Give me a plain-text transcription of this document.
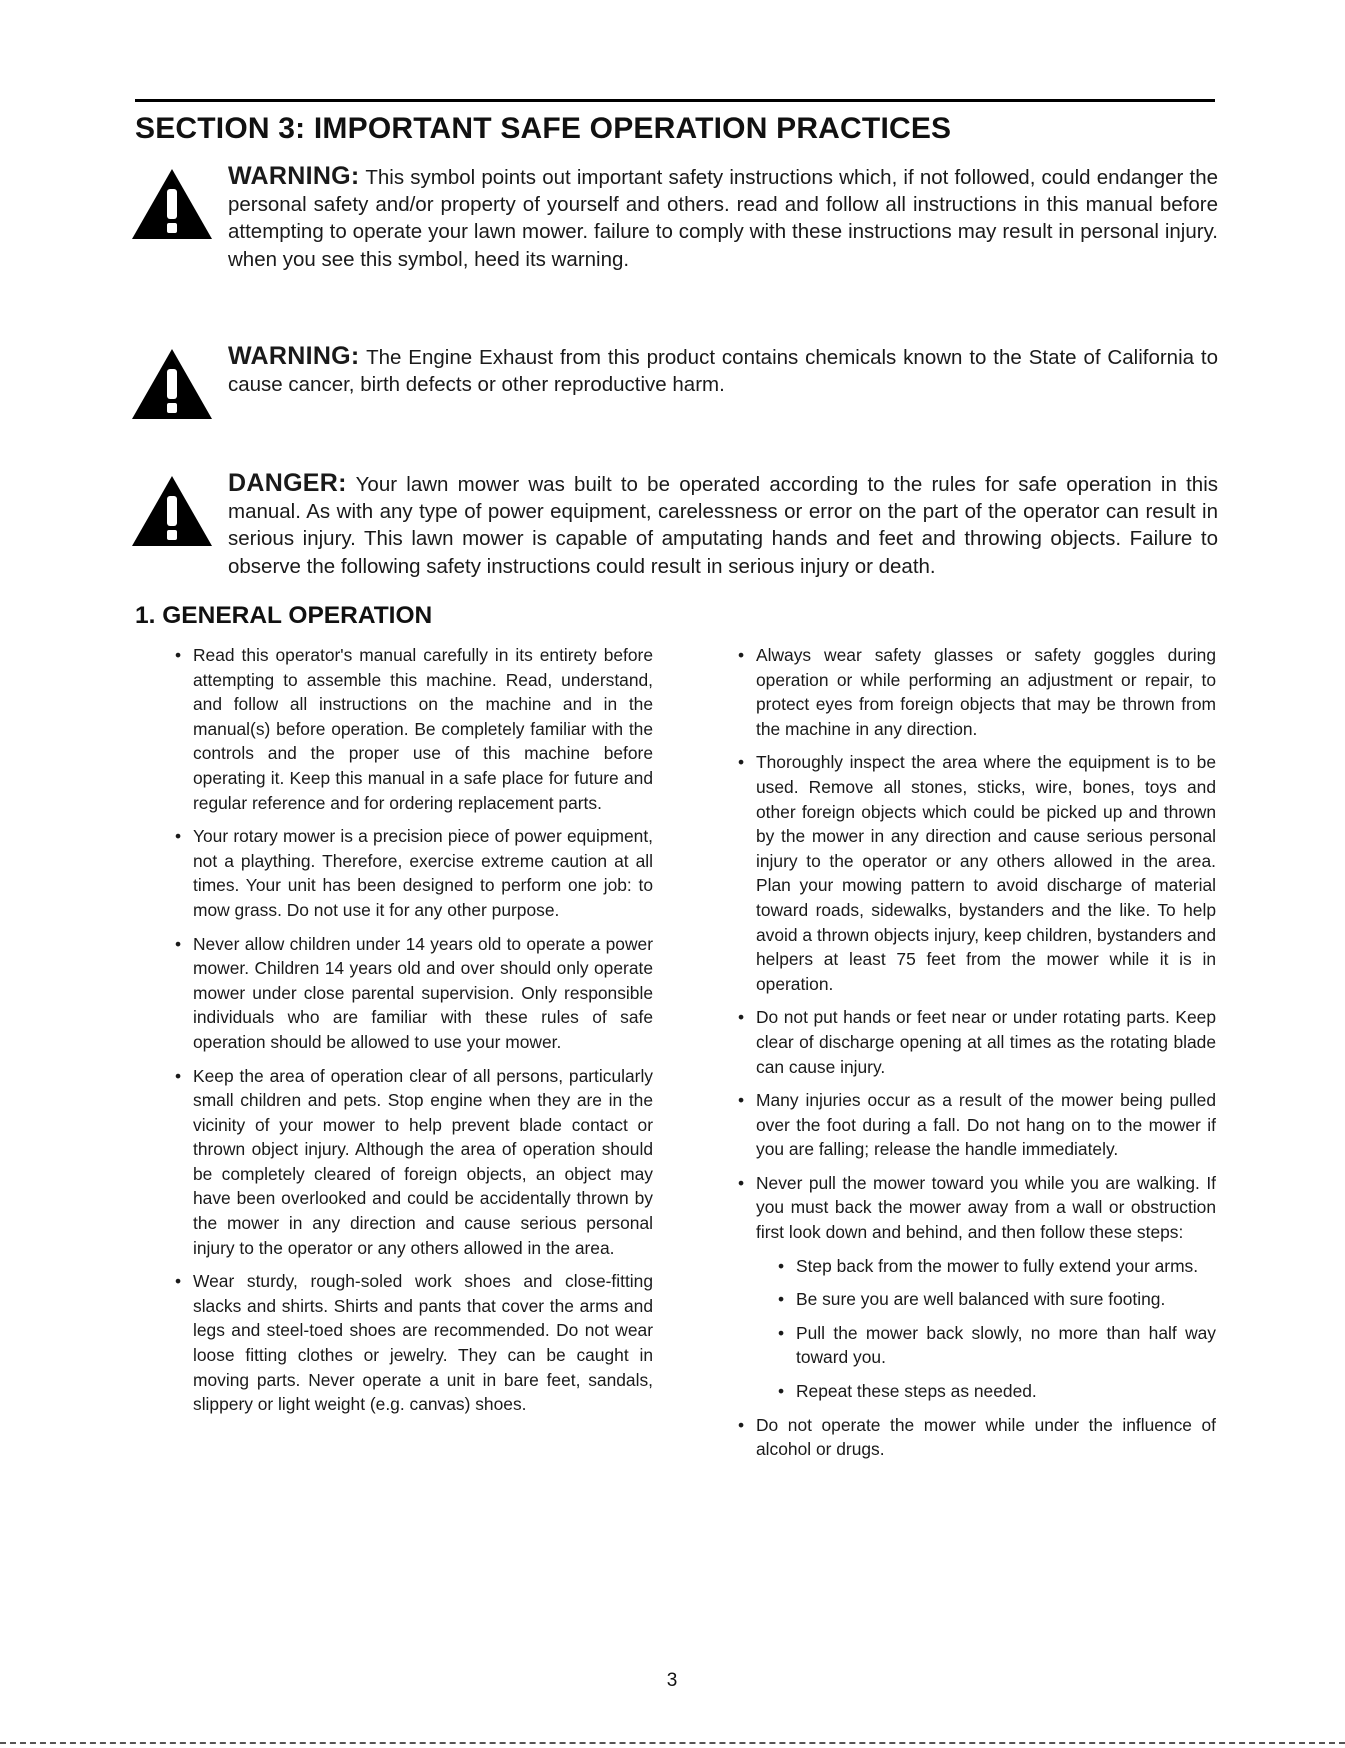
SECTION 3: IMPORTANT SAFE OPERATION PRACTICES

WARNING: This symbol points out important safety instructions which, if not followed, could endanger the personal safety and/or property of yourself and others. read and follow all instructions in this manual before attempting to operate your lawn mower. failure to comply with these instructions may result in personal injury. when you see this symbol, heed its warning.

WARNING: The Engine Exhaust from this product contains chemicals known to the State of California to cause cancer, birth defects or other reproductive harm.

DANGER: Your lawn mower was built to be operated according to the rules for safe operation in this manual. As with any type of power equipment, carelessness or error on the part of the operator can result in serious injury. This lawn mower is capable of amputating hands and feet and throwing objects. Failure to observe the following safety instructions could result in serious injury or death.

1. GENERAL OPERATION
• Read this operator's manual carefully in its entirety before attempting to assemble this machine. Read, understand, and follow all instructions on the machine and in the manual(s) before operation. Be completely familiar with the controls and the proper use of this machine before operating it. Keep this manual in a safe place for future and regular reference and for ordering replacement parts.
• Your rotary mower is a precision piece of power equipment, not a plaything. Therefore, exercise extreme caution at all times. Your unit has been designed to perform one job: to mow grass. Do not use it for any other purpose.
• Never allow children under 14 years old to operate a power mower. Children 14 years old and over should only operate mower under close parental supervision. Only responsible individuals who are familiar with these rules of safe operation should be allowed to use your mower.
• Keep the area of operation clear of all persons, particularly small children and pets. Stop engine when they are in the vicinity of your mower to help prevent blade contact or thrown object injury. Although the area of operation should be completely cleared of foreign objects, an object may have been overlooked and could be accidentally thrown by the mower in any direction and cause serious personal injury to the operator or any others allowed in the area.
• Wear sturdy, rough-soled work shoes and close-fitting slacks and shirts. Shirts and pants that cover the arms and legs and steel-toed shoes are recommended. Do not wear loose fitting clothes or jewelry. They can be caught in moving parts. Never operate a unit in bare feet, sandals, slippery or light weight (e.g. canvas) shoes.
• Always wear safety glasses or safety goggles during operation or while performing an adjustment or repair, to protect eyes from foreign objects that may be thrown from the machine in any direction.
• Thoroughly inspect the area where the equipment is to be used. Remove all stones, sticks, wire, bones, toys and other foreign objects which could be picked up and thrown by the mower in any direction and cause serious personal injury to the operator or any others allowed in the area. Plan your mowing pattern to avoid discharge of material toward roads, sidewalks, bystanders and the like. To help avoid a thrown objects injury, keep children, bystanders and helpers at least 75 feet from the mower while it is in operation.
• Do not put hands or feet near or under rotating parts. Keep clear of discharge opening at all times as the rotating blade can cause injury.
• Many injuries occur as a result of the mower being pulled over the foot during a fall. Do not hang on to the mower if you are falling; release the handle immediately.
• Never pull the mower toward you while you are walking. If you must back the mower away from a wall or obstruction first look down and behind, and then follow these steps:
• Step back from the mower to fully extend your arms.
• Be sure you are well balanced with sure footing.
• Pull the mower back slowly, no more than half way toward you.
• Repeat these steps as needed.
• Do not operate the mower while under the influence of alcohol or drugs.
3
